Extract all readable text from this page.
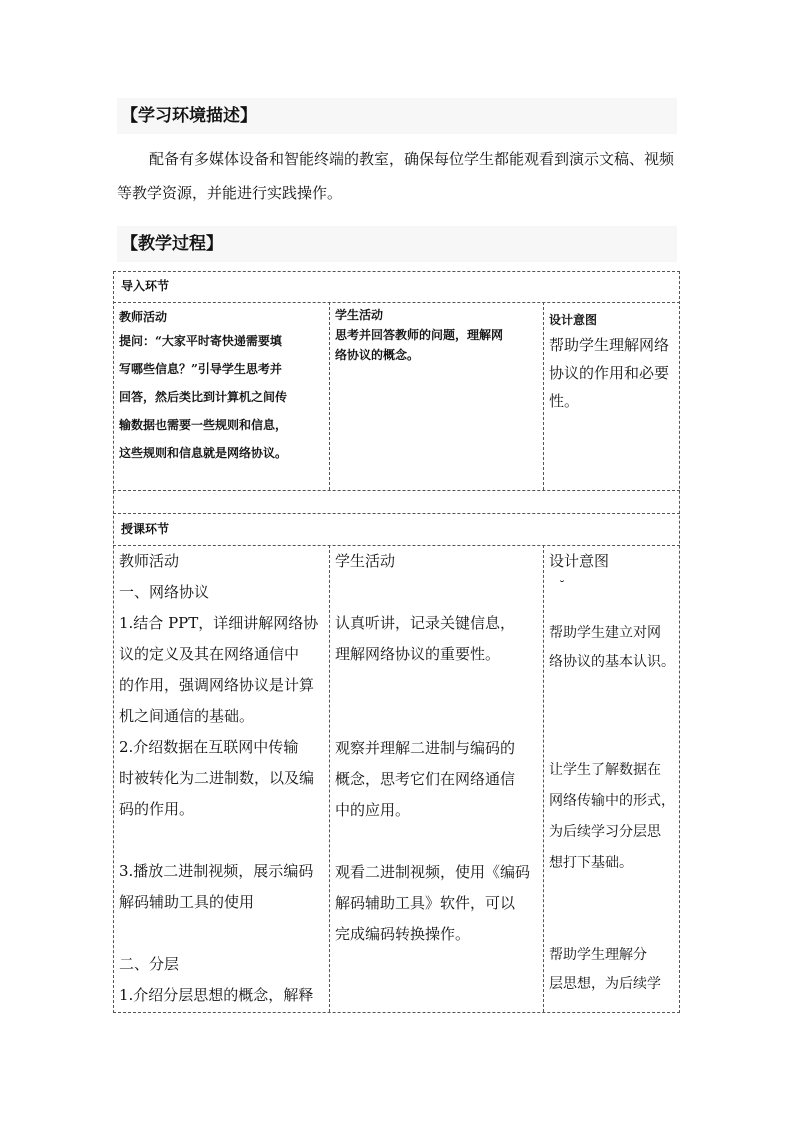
【学习环境描述】
配备有多媒体设备和智能终端的教室，确保每位学生都能观看到演示文稿、视频等教学资源，并能进行实践操作。
【教学过程】
导入环节
教师活动
提问：“大家平时寄快递需要填
写哪些信息？”引导学生思考并
回答，然后类比到计算机之间传
输数据也需要一些规则和信息，
这些规则和信息就是网络协议。
学生活动
思考并回答教师的问题，理解网
络协议的概念。
设计意图
帮助学生理解网络
协议的作用和必要
性。
授课环节
教师活动
一、网络协议
1.结合 PPT，详细讲解网络协
议的定义及其在网络通信中
的作用，强调网络协议是计算
机之间通信的基础。
2.介绍数据在互联网中传输
时被转化为二进制数，以及编
码的作用。

3.播放二进制视频，展示编码
解码辅助工具的使用

二、分层
1.介绍分层思想的概念，解释
学生活动
认真听讲，记录关键信息，
理解网络协议的重要性。
观察并理解二进制与编码的
概念，思考它们在网络通信
中的应用。
观看二进制视频，使用《编码
解码辅助工具》软件，可以
完成编码转换操作。
设计意图
˘
帮助学生建立对网
络协议的基本认识。
让学生了解数据在
网络传输中的形式，
为后续学习分层思
想打下基础。
帮助学生理解分
层思想，为后续学
